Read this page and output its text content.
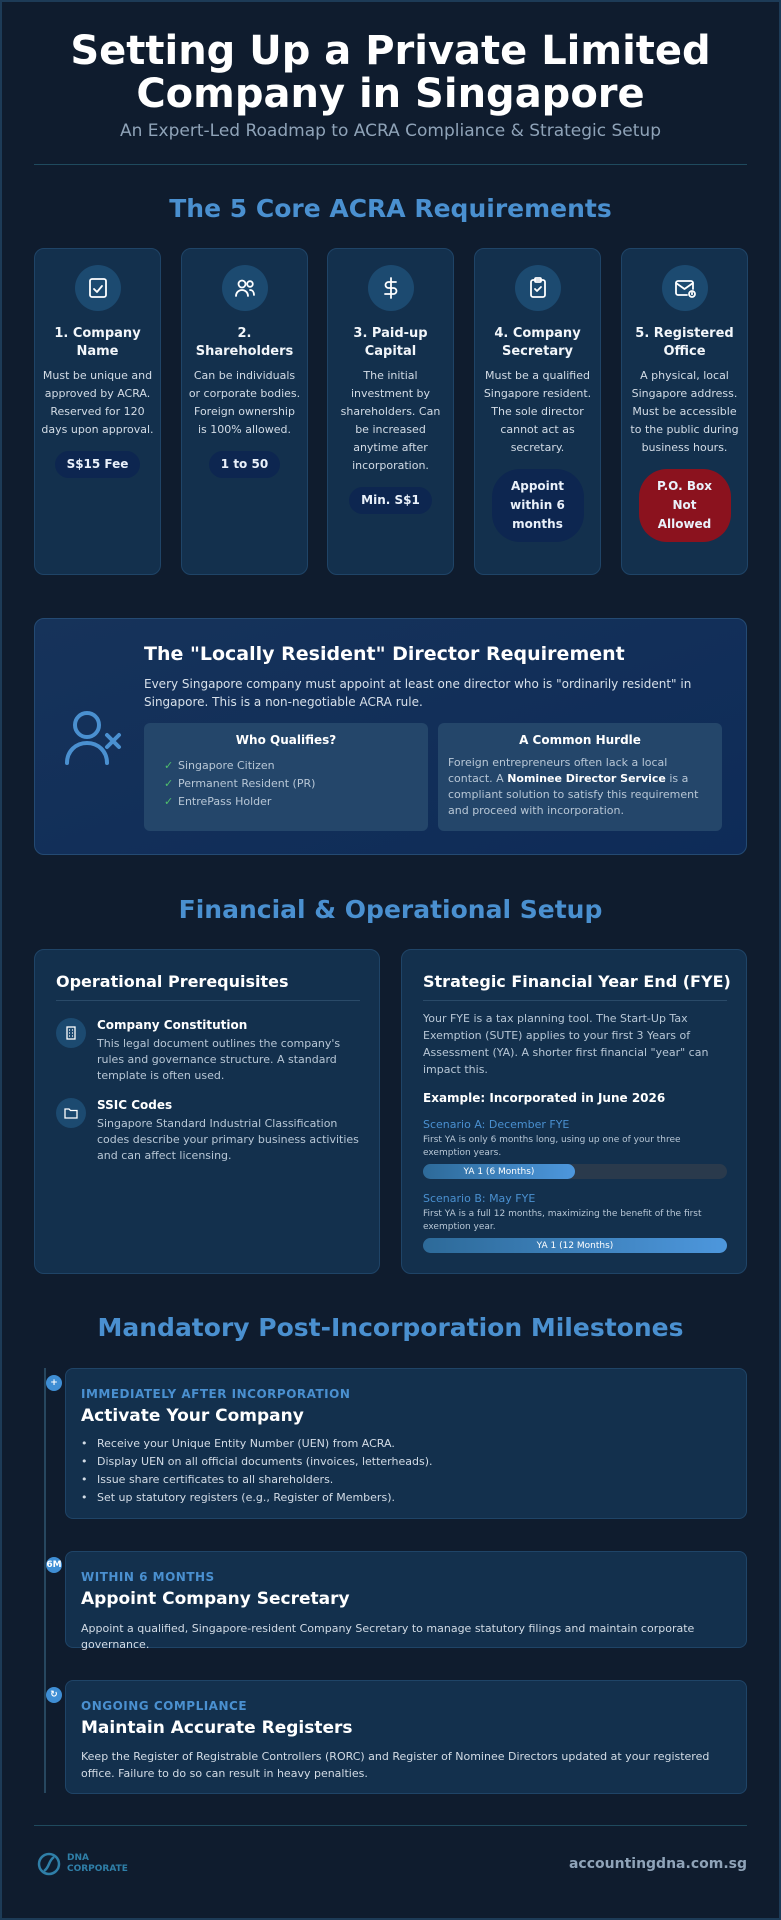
Setting Up a Private Limited
Company in Singapore
An Expert-Led Roadmap to ACRA Compliance & Strategic Setup
The 5 Core ACRA Requirements
1. Company Name
Must be unique and approved by ACRA. Reserved for 120 days upon approval.
S$15 Fee
2. Shareholders
Can be individuals or corporate bodies. Foreign ownership is 100% allowed.
1 to 50
3. Paid-up Capital
The initial investment by shareholders. Can be increased anytime after incorporation.
Min. S$1
4. Company Secretary
Must be a qualified Singapore resident. The sole director cannot act as secretary.
Appoint within 6 months
5. Registered Office
A physical, local Singapore address. Must be accessible to the public during business hours.
P.O. Box Not Allowed
The "Locally Resident" Director Requirement
Every Singapore company must appoint at least one director who is "ordinarily resident" in Singapore. This is a non-negotiable ACRA rule.
Who Qualifies?
✓ Singapore Citizen
✓ Permanent Resident (PR)
✓ EntrePass Holder
A Common Hurdle
Foreign entrepreneurs often lack a local contact. A Nominee Director Service is a compliant solution to satisfy this requirement and proceed with incorporation.
Financial & Operational Setup
Operational Prerequisites
Company Constitution
This legal document outlines the company's rules and governance structure. A standard template is often used.
SSIC Codes
Singapore Standard Industrial Classification codes describe your primary business activities and can affect licensing.
Strategic Financial Year End (FYE)
Your FYE is a tax planning tool. The Start-Up Tax Exemption (SUTE) applies to your first 3 Years of Assessment (YA). A shorter first financial "year" can impact this.
Example: Incorporated in June 2026
Scenario A: December FYE
First YA is only 6 months long, using up one of your three exemption years.
YA 1 (6 Months)
Scenario B: May FYE
First YA is a full 12 months, maximizing the benefit of the first exemption year.
YA 1 (12 Months)
Mandatory Post-Incorporation Milestones
+
IMMEDIATELY AFTER INCORPORATION
Activate Your Company
• Receive your Unique Entity Number (UEN) from ACRA.
• Display UEN on all official documents (invoices, letterheads).
• Issue share certificates to all shareholders.
• Set up statutory registers (e.g., Register of Members).
6M
WITHIN 6 MONTHS
Appoint Company Secretary
Appoint a qualified, Singapore-resident Company Secretary to manage statutory filings and maintain corporate governance.
↻
ONGOING COMPLIANCE
Maintain Accurate Registers
Keep the Register of Registrable Controllers (RORC) and Register of Nominee Directors updated at your registered office. Failure to do so can result in heavy penalties.
DNA
CORPORATE	accountingdna.com.sg
